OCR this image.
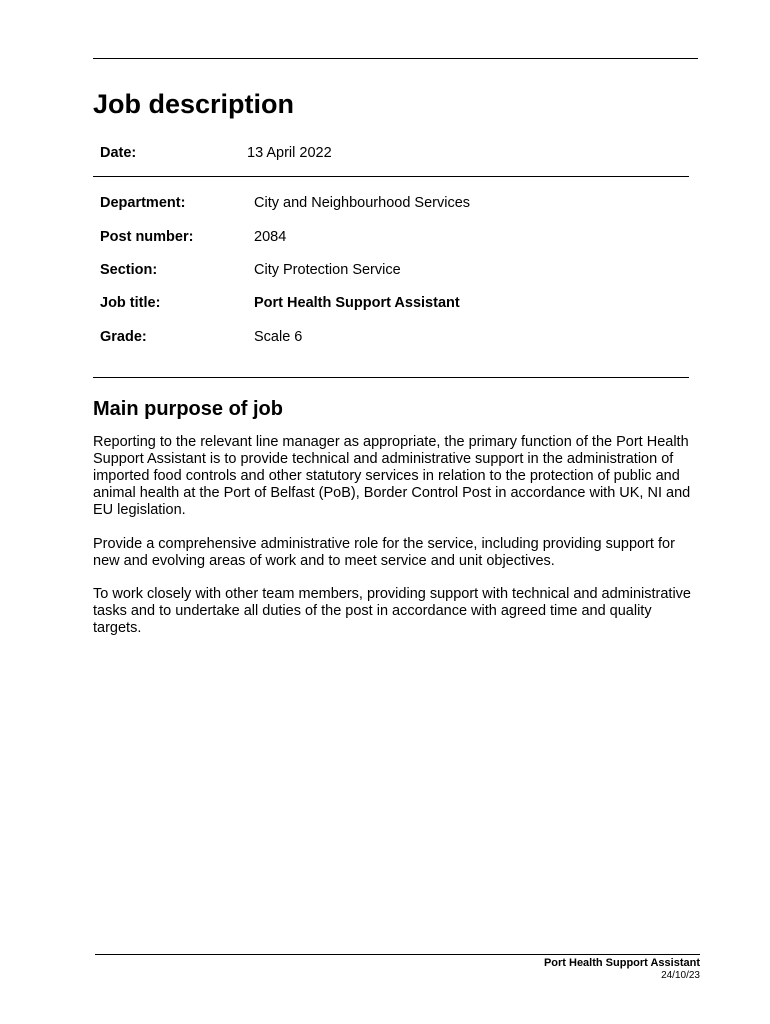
Job description
Date:	13 April 2022
Department:	City and Neighbourhood Services
Post number:	2084
Section:	City Protection Service
Job title:	Port Health Support Assistant
Grade:	Scale 6
Main purpose of job

Reporting to the relevant line manager as appropriate, the primary function of the Port Health Support Assistant is to provide technical and administrative support in the administration of imported food controls and other statutory services in relation to the protection of public and animal health at the Port of Belfast (PoB), Border Control Post in accordance with UK, NI and EU legislation.

Provide a comprehensive administrative role for the service, including providing support for new and evolving areas of work and to meet service and unit objectives.

To work closely with other team members, providing support with technical and administrative tasks and to undertake all duties of the post in accordance with agreed time and quality targets.

Port Health Support Assistant
24/10/23
